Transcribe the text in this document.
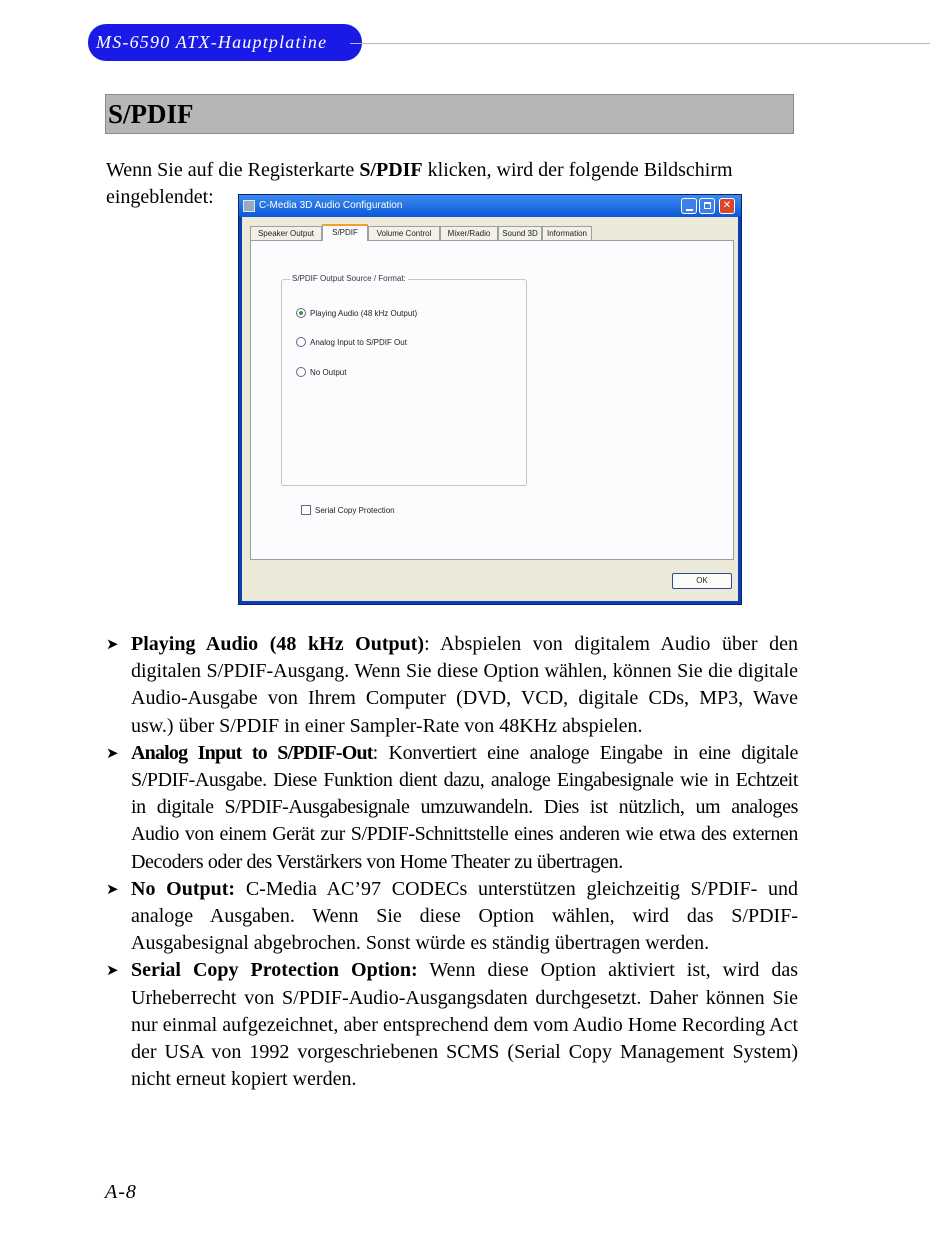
MS-6590 ATX-Hauptplatine
S/PDIF
Wenn Sie auf die Registerkarte S/PDIF klicken, wird der folgende Bildschirm eingeblendet:	C-Media 3D Audio Configuration	✕
Speaker Output	S/PDIF	Volume Control	Mixer/Radio	Sound 3D	Information
S/PDIF Output Source / Format:
Playing Audio (48 kHz Output)
Analog Input to S/PDIF Out
No Output
Serial Copy Protection
OK
➤ Playing Audio (48 kHz Output): Abspielen von digitalem Audio über den digitalen S/PDIF-Ausgang. Wenn Sie diese Option wählen, können Sie die digitale Audio-Ausgabe von Ihrem Computer (DVD, VCD, digitale CDs, MP3, Wave usw.) über S/PDIF in einer Sampler-Rate von 48KHz abspielen.
➤ Analog Input to S/PDIF-Out: Konvertiert eine analoge Eingabe in eine digitale S/PDIF-Ausgabe. Diese Funktion dient dazu, analoge Eingabesignale wie in Echtzeit in digitale S/PDIF-Ausgabesignale umzuwandeln. Dies ist nützlich, um analoges Audio von einem Gerät zur S/PDIF-Schnittstelle eines anderen wie etwa des externen Decoders oder des Verstärkers von Home Theater zu übertragen.
➤ No Output: C-Media AC’97 CODECs unterstützen gleichzeitig S/PDIF- und analoge Ausgaben. Wenn Sie diese Option wählen, wird das S/PDIF-Ausgabesignal abgebrochen. Sonst würde es ständig übertragen werden.
➤ Serial Copy Protection Option: Wenn diese Option aktiviert ist, wird das Urheberrecht von S/PDIF-Audio-Ausgangsdaten durchgesetzt. Daher können Sie nur einmal aufgezeichnet, aber entsprechend dem vom Audio Home Recording Act der USA von 1992 vorgeschriebenen SCMS (Serial Copy Management System) nicht erneut kopiert werden.
A-8
